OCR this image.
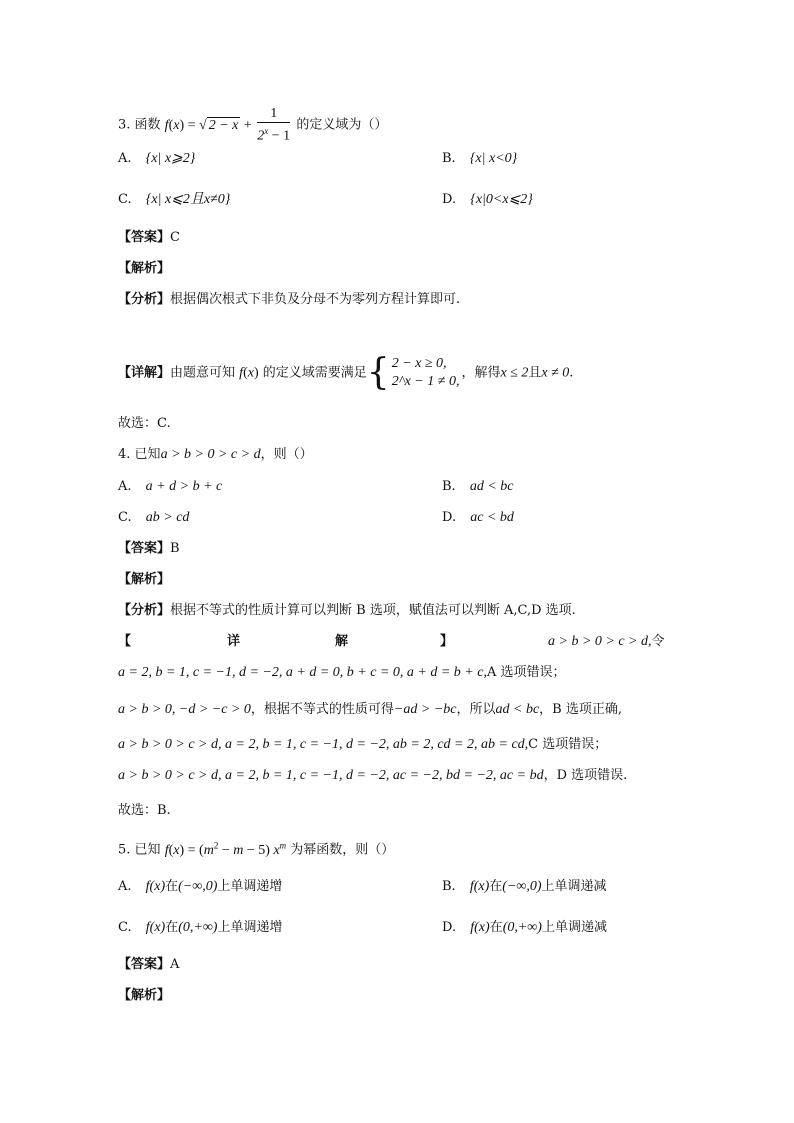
3. 函数 f(x) = √ $2 - x + \frac{1}{2^x - 1}$ 的定义域为（）
A. {x| x⩾2}	B. {x| x<0}
C. {x| x⩽2且x≠0}	D. {x|0<x⩽2}
【答案】C
【解析】
【分析】根据偶次根式下非负及分母不为零列方程计算即可.
【详解】由题意可知 f(x) 的定义域需要满足{ 2 − x ≥ 0,
2^x − 1 ≠ 0,
，解得x ≤ 2且x ≠ 0.
故选：C.
4. 已知a > b > 0 > c > d，则（）
A. a + d > b + c	B. ad < bc
C. ab > cd	D. ac < bd
【答案】B
【解析】
【分析】根据不等式的性质计算可以判断 B 选项，赋值法可以判断 A,C,D 选项.
【	详	解	】	a > b > 0 > c > d,令
a = 2, b = 1, c = −1, d = −2, a + d = 0, b + c = 0, a + d = b + c,A 选项错误；
a > b > 0, −d > −c > 0，根据不等式的性质可得−ad > −bc，所以ad < bc，B 选项正确,
a > b > 0 > c > d, a = 2, b = 1, c = −1, d = −2, ab = 2, cd = 2, ab = cd,C 选项错误；
a > b > 0 > c > d, a = 2, b = 1, c = −1, d = −2, ac = −2, bd = −2, ac = bd，D 选项错误.
故选：B.
5. 已知 $f(x) = (m^2 - m - 5)$ $x^m$ 为幂函数，则（）
A. f(x)在(−∞,0)上单调递增	B. f(x)在(−∞,0)上单调递减
C. f(x)在(0,+∞)上单调递增	D. f(x)在(0,+∞)上单调递减
【答案】A
【解析】
